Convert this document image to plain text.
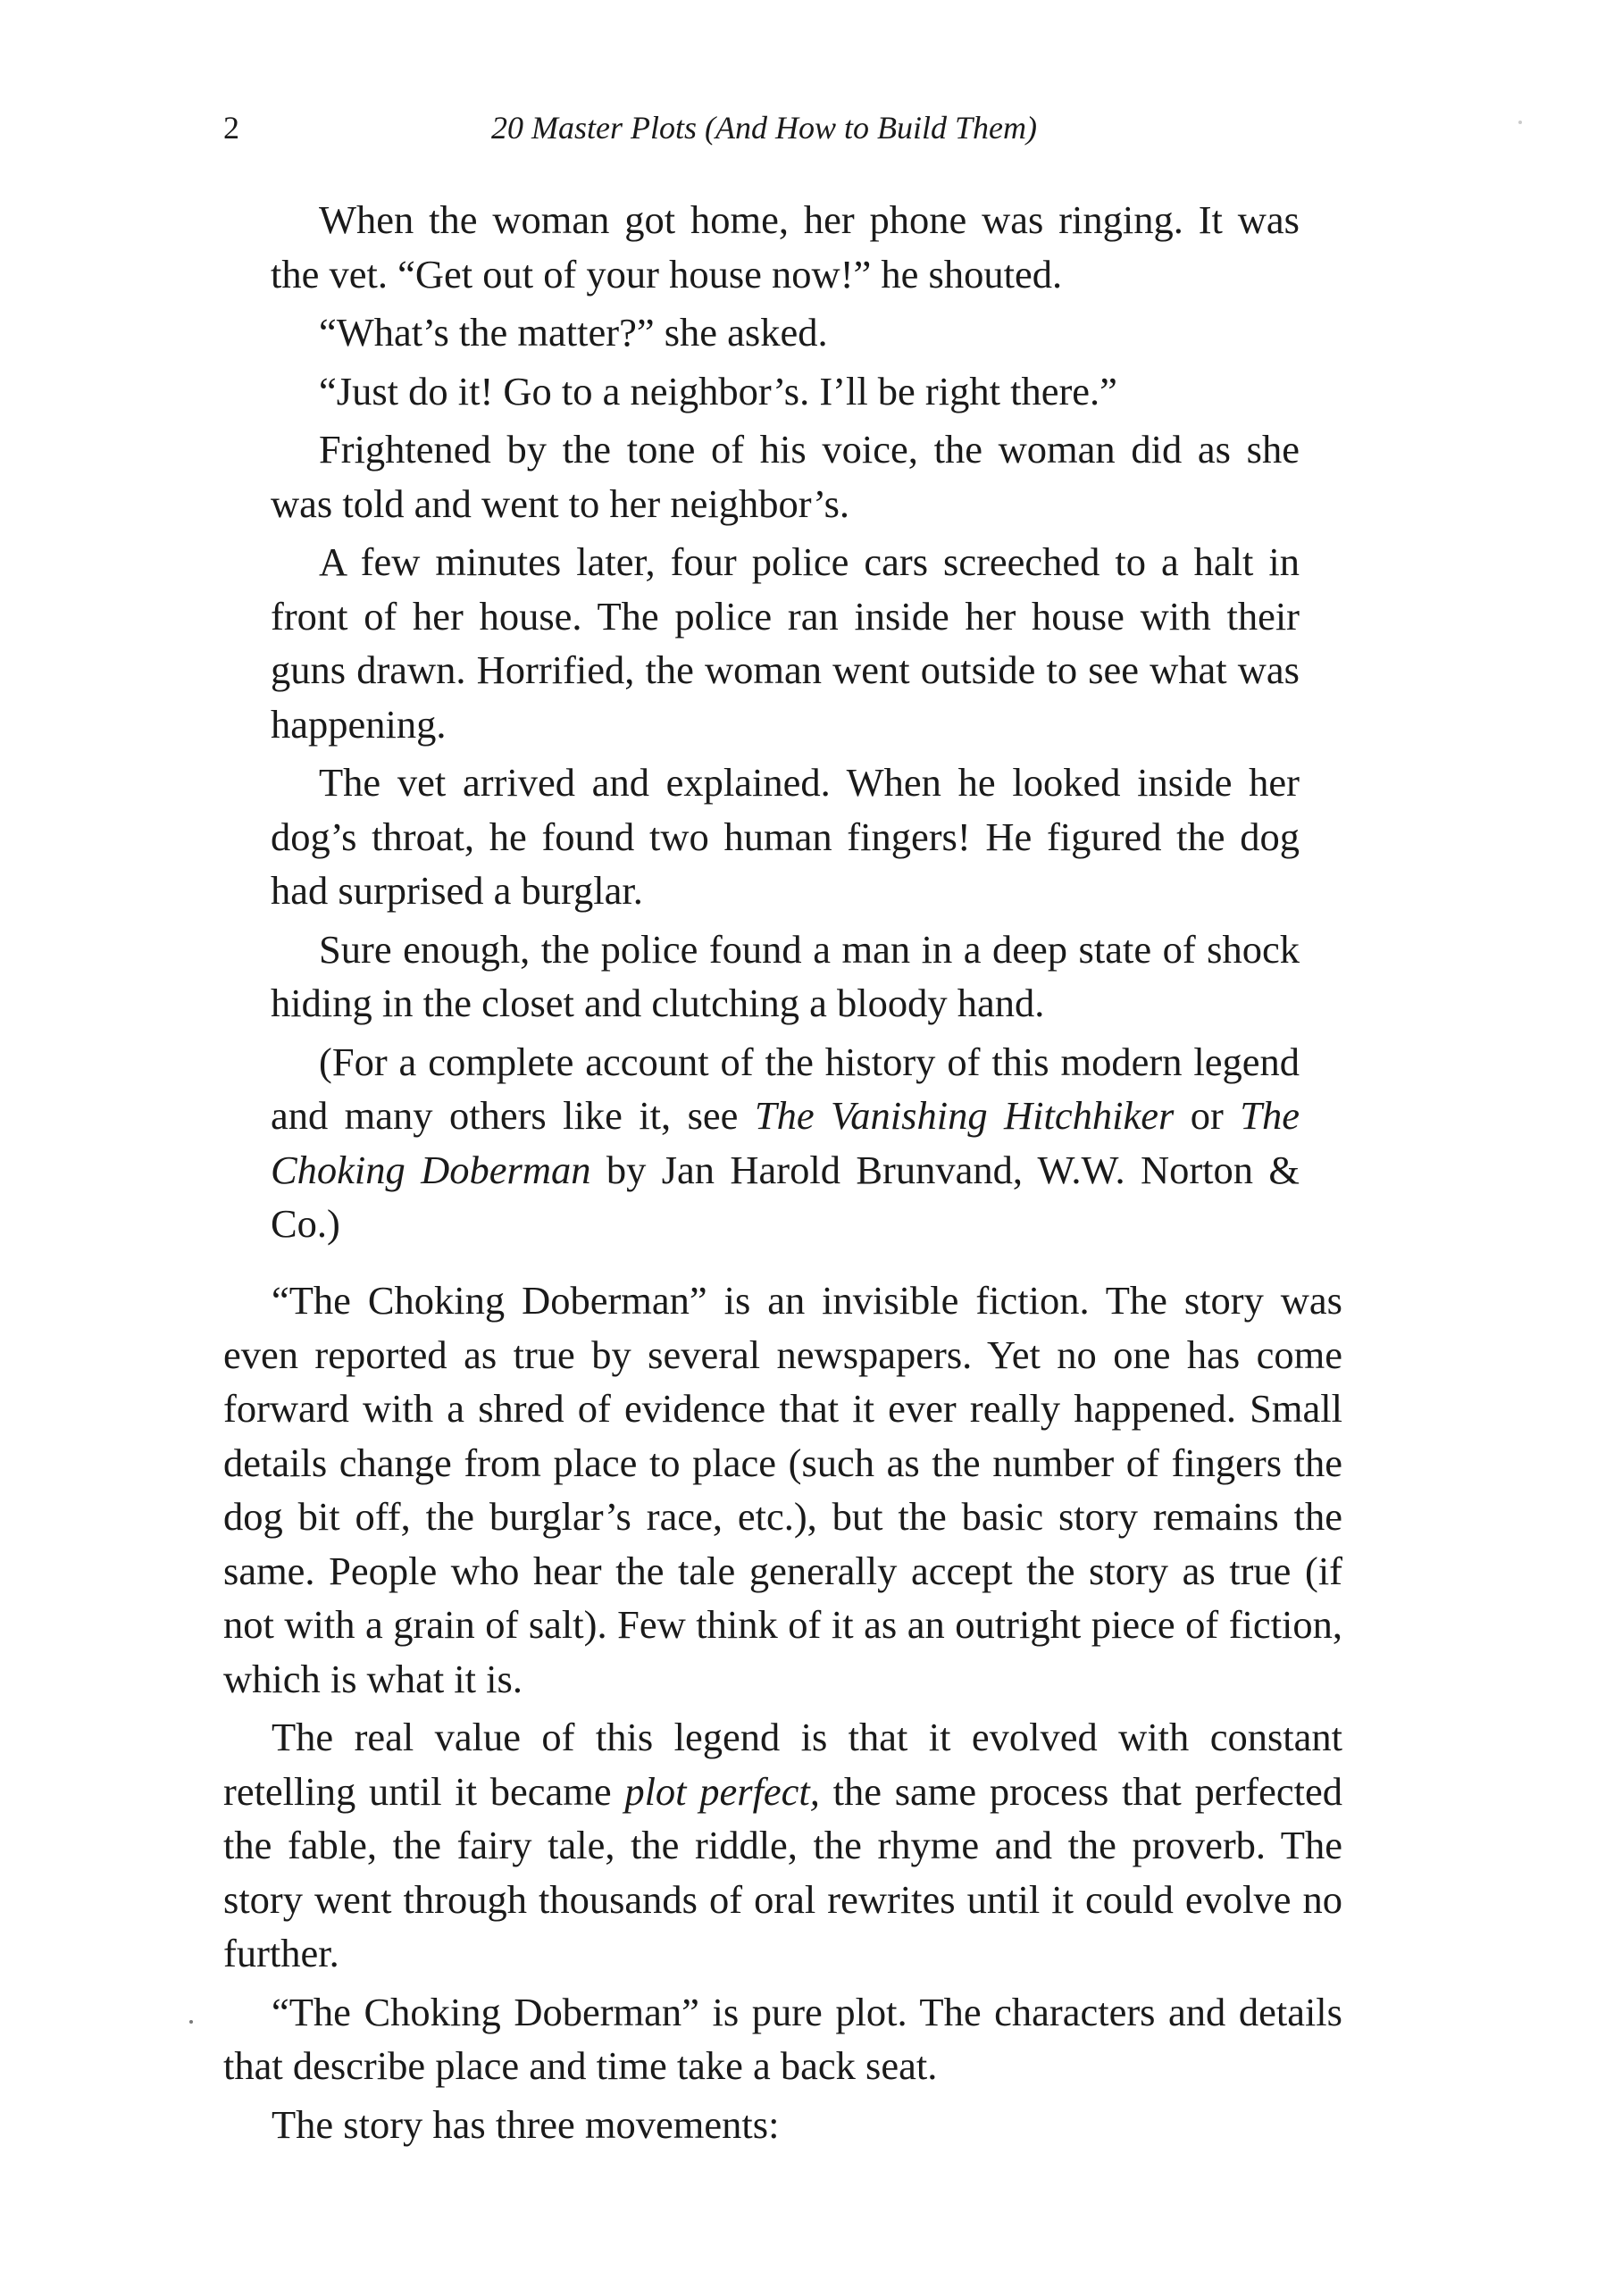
2	20 Master Plots (And How to Build Them)

When the woman got home, her phone was ringing. It was the vet. “Get out of your house now!” he shouted.

“What’s the matter?” she asked.

“Just do it! Go to a neighbor’s. I’ll be right there.”

Frightened by the tone of his voice, the woman did as she was told and went to her neighbor’s.

A few minutes later, four police cars screeched to a halt in front of her house. The police ran inside her house with their guns drawn. Horrified, the woman went outside to see what was happening.

The vet arrived and explained. When he looked inside her dog’s throat, he found two human fingers! He figured the dog had surprised a burglar.

Sure enough, the police found a man in a deep state of shock hiding in the closet and clutching a bloody hand.

(For a complete account of the history of this modern legend and many others like it, see The Vanishing Hitchhiker or The Choking Doberman by Jan Harold Brunvand, W.W. Norton & Co.)

“The Choking Doberman” is an invisible fiction. The story was even reported as true by several newspapers. Yet no one has come forward with a shred of evidence that it ever really happened. Small details change from place to place (such as the number of fingers the dog bit off, the burglar’s race, etc.), but the basic story remains the same. People who hear the tale generally accept the story as true (if not with a grain of salt). Few think of it as an outright piece of fiction, which is what it is.

The real value of this legend is that it evolved with constant retelling until it became plot perfect, the same process that perfected the fable, the fairy tale, the riddle, the rhyme and the proverb. The story went through thousands of oral rewrites until it could evolve no further.

“The Choking Doberman” is pure plot. The characters and details that describe place and time take a back seat.

The story has three movements:
